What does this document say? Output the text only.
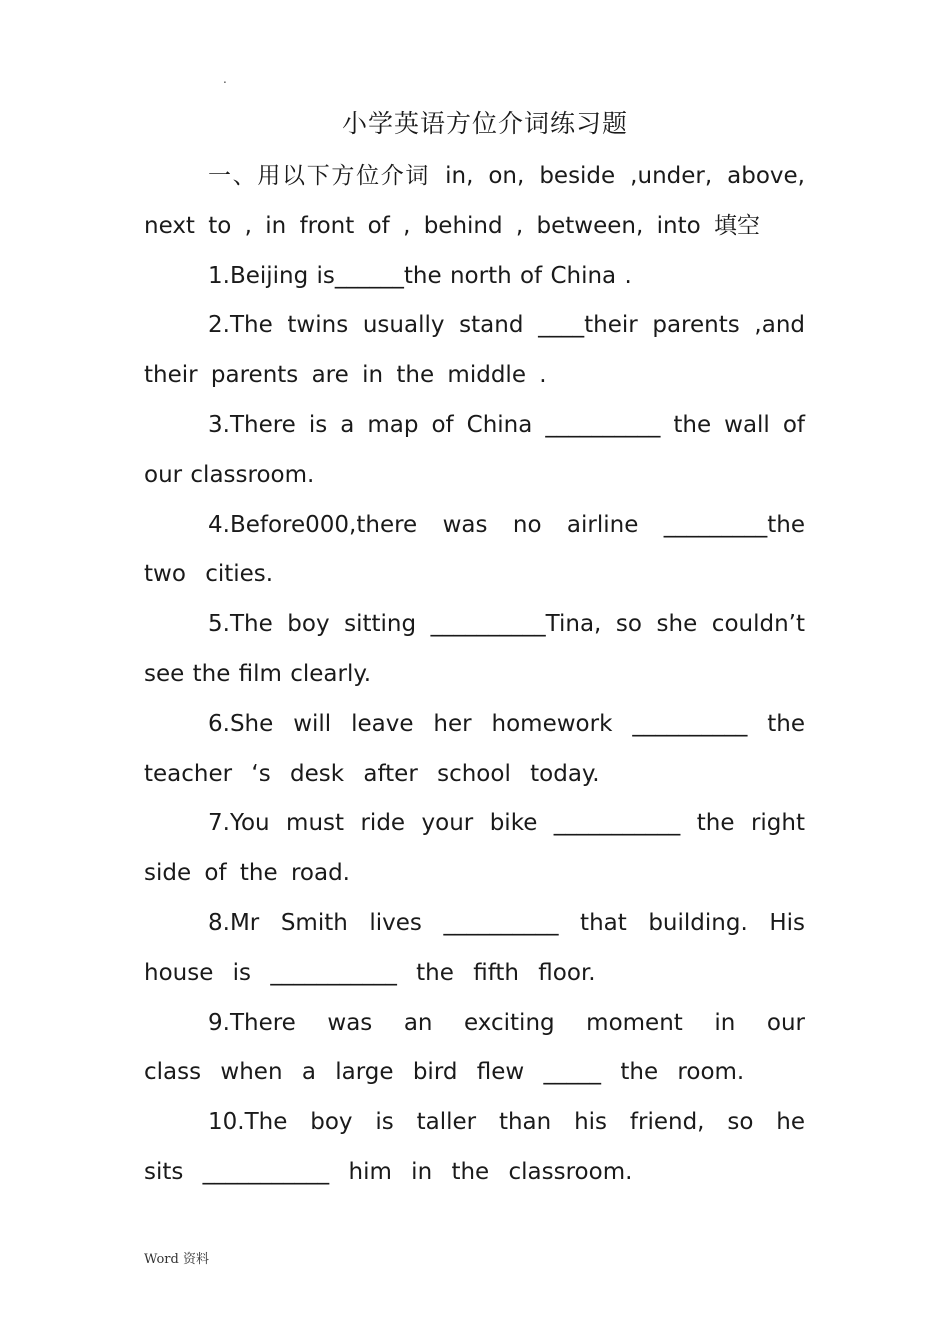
.
小学英语方位介词练习题

一、用以下方位介词 in, on, beside ,under, above, next to , in front of , behind , between, into 填空

1.Beijing is______the north of China .

2.The twins usually stand ____their parents ,and their parents are in the middle .

3.There is a map of China __________ the wall of our classroom.

4.Before000,there was no airline _________the two cities.

5.The boy sitting __________Tina, so she couldn’t see the film clearly.

6.She will leave her homework __________ the teacher ‘s desk after school today.

7.You must ride your bike ___________ the right side of the road.

8.Mr Smith lives __________ that building. His house is ___________ the fifth floor.

9.There was an exciting moment in our class when a large bird flew _____ the room.

10.The boy is taller than his friend, so he sits ___________ him in the classroom.

Word 资料
